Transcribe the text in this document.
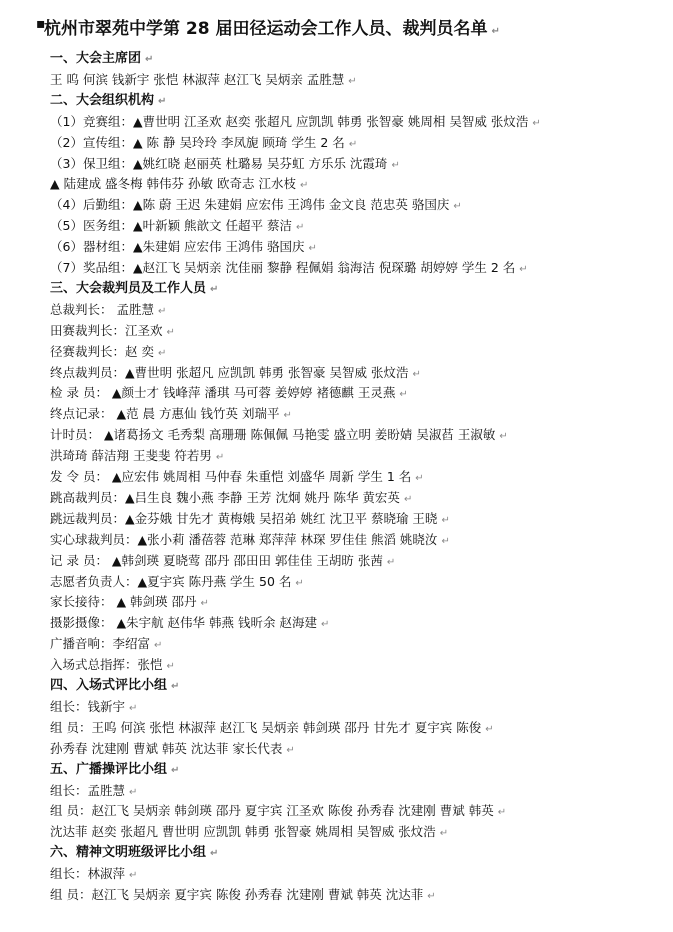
▪
杭州市翠苑中学第 28 届田径运动会工作人员、裁判员名单 ↵
一、大会主席团 ↵
王 呜 何滨 钱新宇 张恺 林淑萍 赵江飞 吴炳亲 孟胜慧 ↵
二、大会组织机构 ↵
（1）竞赛组：▲曹世明 江圣欢 赵奕 张超凡 应凯凯 韩勇 张智豪 姚周相 吴智威 张炆浩 ↵
（2）宣传组：▲ 陈 静 吴玲玲 李凤旎 顾琦 学生 2 名 ↵
（3）保卫组：▲姚红晓 赵丽英 杜璐易 吴芬虹 方乐乐 沈霞琦 ↵
▲ 陆建成 盛冬梅 韩伟芬 孙敏 欧奇志 江水枝 ↵
（4）后勤组：▲陈 蔚 王迟 朱建娟 应宏伟 王鸿伟 金文良 范忠英 骆国庆 ↵
（5）医务组：▲叶新颖 熊歆文 任超平 蔡洁 ↵
（6）器材组：▲朱建娟 应宏伟 王鸿伟 骆国庆 ↵
（7）奖品组：▲赵江飞 吴炳亲 沈佳丽 黎静 程佩娟 翁海洁 倪琛璐 胡婷婷 学生 2 名 ↵
三、大会裁判员及工作人员 ↵
总裁判长： 孟胜慧 ↵
田赛裁判长：江圣欢 ↵
径赛裁判长：赵 奕 ↵
终点裁判员：▲曹世明 张超凡 应凯凯 韩勇 张智豪 吴智威 张炆浩 ↵
检 录 员： ▲颜士才 钱峰萍 潘琪 马可蓉 姜婷婷 褚德麒 王灵燕 ↵
终点记录： ▲范 晨 方惠仙 钱竹英 刘瑞平 ↵
计时员： ▲诸葛扬文 毛秀梨 高珊珊 陈佩佩 马艳雯 盛立明 姜盼婧 吴淑萏 王淑敏 ↵
洪琦琦 薛洁翔 王斐斐 符若男 ↵
发 令 员： ▲应宏伟 姚周相 马仲春 朱重恺 刘盛华 周新 学生 1 名 ↵
跳高裁判员：▲吕生良 魏小燕 李静 王芳 沈炯 姚丹 陈华 黄宏英 ↵
跳远裁判员：▲金芬娥 甘先才 黄梅娥 吴招弟 姚红 沈卫平 蔡晓瑜 王晓 ↵
实心球裁判员：▲张小莉 潘蓓蓉 范琳 郑萍萍 林琛 罗佳佳 熊滔 姚晓汝 ↵
记 录 员： ▲韩剑瑛 夏晓莺 邵丹 邵田田 郭佳佳 王胡昉 张茜 ↵
志愿者负责人：▲夏宇宾 陈丹燕 学生 50 名 ↵
家长接待： ▲ 韩剑瑛 邵丹 ↵
摄影摄像： ▲朱宇航 赵伟华 韩燕 钱昕余 赵海建 ↵
广播音响：李绍富 ↵
入场式总指挥：张恺 ↵
四、入场式评比小组 ↵
组长：钱新宇 ↵
组 员：王呜 何滨 张恺 林淑萍 赵江飞 吴炳亲 韩剑瑛 邵丹 甘先才 夏宇宾 陈俊 ↵
孙秀春 沈建刚 曹斌 韩英 沈达菲 家长代表 ↵
五、广播操评比小组 ↵
组长：孟胜慧 ↵
组 员：赵江飞 吴炳亲 韩剑瑛 邵丹 夏宇宾 江圣欢 陈俊 孙秀春 沈建刚 曹斌 韩英 ↵
沈达菲 赵奕 张超凡 曹世明 应凯凯 韩勇 张智豪 姚周相 吴智威 张炆浩 ↵
六、精神文明班级评比小组 ↵
组长：林淑萍 ↵
组 员：赵江飞 吴炳亲 夏宇宾 陈俊 孙秀春 沈建刚 曹斌 韩英 沈达菲 ↵
